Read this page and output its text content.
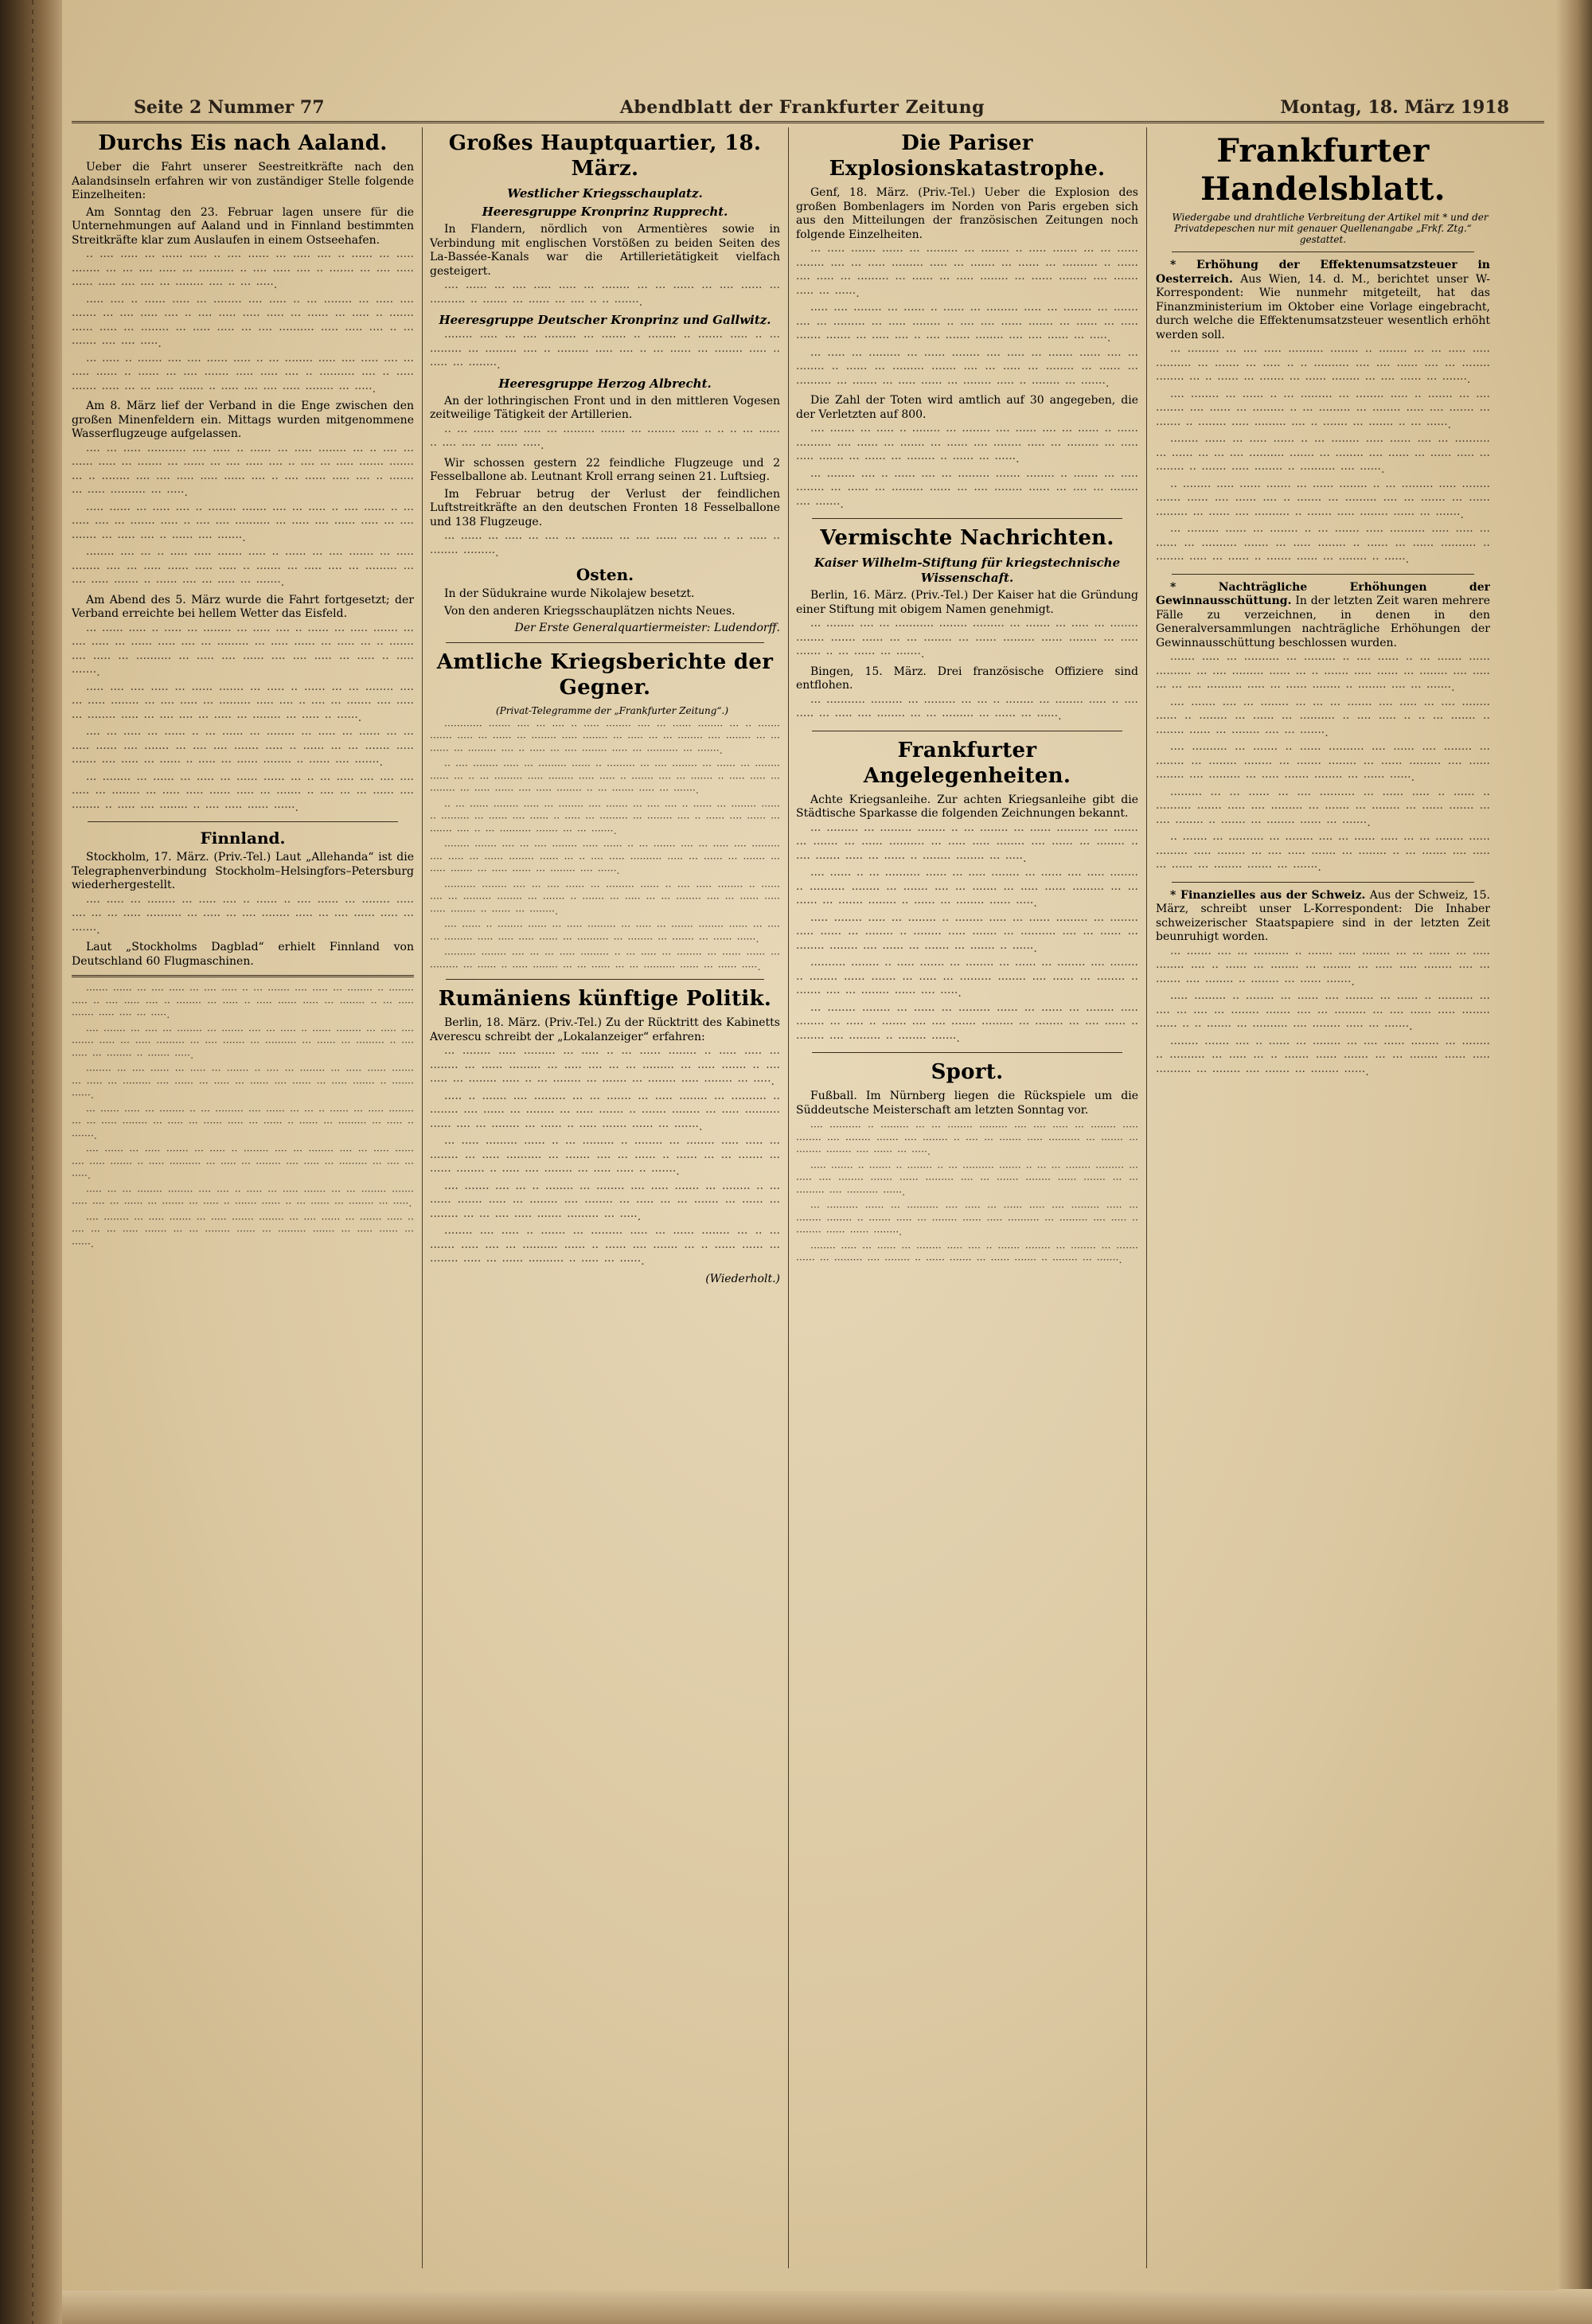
Seite 2 Nummer 77	Abendblatt der Frankfurter Zeitung	Montag, 18. März 1918
Durchs Eis nach Aaland.

Ueber die Fahrt unserer Seestreitkräfte nach den Aalandsinseln erfahren wir von zuständiger Stelle folgende Einzelheiten:

Am Sonntag den 23. Februar lagen unsere für die Unternehmungen auf Aaland und in Finnland bestimmten Streitkräfte klar zum Auslaufen in einem Ostseehafen.

·· ···· ····· ··· ······ ····· ·· ···· ······ ··· ····· ···· ·· ······ ··· ····· ········ ··· ··· ···· ····· ··· ·········· ·· ···· ····· ···· ·· ······· ··· ···· ····· ······ ····· ···· ···· ··· ········ ···· ·· ··· ·····.

····· ···· ·· ······ ····· ··· ········ ···· ····· ·· ··· ········ ··· ····· ···· ······· ··· ···· ····· ···· ·· ···· ····· ····· ····· ··· ······ ··· ····· ·· ······· ······ ····· ··· ········ ··· ····· ····· ··· ···· ·········· ····· ····· ···· ·· ··· ······· ···· ···· ·····.

··· ····· ·· ······· ···· ···· ······ ····· ·· ··· ········ ····· ···· ····· ···· ··· ····· ······ ·· ······ ··· ···· ······· ····· ····· ···· ·· ·········· ···· ·· ····· ······· ····· ··· ··· ····· ······· ·· ····· ···· ···· ····· ········ ··· ·····.

Am 8. März lief der Verband in die Enge zwischen den großen Minenfeldern ein. Mittags wurden mitgenommene Wasserflugzeuge aufgelassen.

···· ··· ····· ··········· ···· ····· ·· ······ ··· ····· ········ ··· ·· ···· ··· ······ ····· ··· ······· ··· ······ ··· ···· ····· ···· ·· ···· ··· ····· ······· ······· ··· ·· ········ ···· ···· ····· ····· ······ ···· ·· ···· ······ ····· ···· ·· ······· ··· ····· ·········· ··· ·····.

····· ······ ··· ····· ···· ·· ········ ······· ···· ··· ····· ·· ···· ······ ·· ··· ····· ···· ··· ······· ····· ·· ···· ···· ·········· ··· ····· ···· ······ ····· ··· ···· ······· ··· ····· ···· ·· ······ ···· ·······.

········ ···· ··· ·· ····· ····· ······· ····· ·· ······ ··· ···· ······· ··· ····· ········ ···· ··· ····· ······ ····· ····· ·· ······· ··· ····· ···· ··· ········· ··· ···· ····· ······· ·· ······ ···· ··· ····· ··· ·······.

Am Abend des 5. März wurde die Fahrt fortgesetzt; der Verband erreichte bei hellem Wetter das Eisfeld.

··· ······ ····· ·· ····· ··· ········ ··· ····· ···· ·· ······ ··· ····· ······· ··· ···· ····· ··· ······ ····· ···· ··· ········· ··· ····· ······ ··· ····· ··· ·· ······· ···· ····· ··· ·········· ··· ····· ···· ······ ···· ···· ····· ··· ····· ·· ····· ·······.

····· ···· ···· ····· ··· ······ ······· ··· ····· ·· ······ ··· ··· ········ ···· ··· ····· ········ ··· ···· ····· ··· ········· ····· ···· ·· ···· ··· ······· ···· ····· ··· ········ ····· ··· ···· ···· ··· ····· ··· ········ ··· ····· ·· ······.

···· ··· ····· ··· ······ ·· ··· ······ ··· ········ ··· ····· ··· ······ ··· ··· ····· ······ ···· ······· ··· ···· ···· ······· ····· ·· ······ ··· ··· ······· ····· ······· ···· ····· ··· ······ ·· ····· ··· ······ ········ ·· ······ ···· ·······.

··· ········ ··· ······ ··· ····· ··· ······ ······ ··· ·· ··· ····· ···· ···· ···· ····· ··· ········ ··· ····· ····· ······ ····· ··· ······· ·· ···· ··· ··· ······ ···· ········ ·· ····· ···· ········ ·· ···· ····· ······ ······.

Finnland.

Stockholm, 17. März. (Priv.-Tel.) Laut „Allehanda“ ist die Telegraphenverbindung Stockholm–Helsingfors–Petersburg wiederhergestellt.

···· ····· ··· ········ ··· ····· ···· ·· ······ ·· ···· ······ ··· ········ ····· ···· ··· ··· ····· ·········· ··· ····· ··· ···· ········ ····· ··· ···· ······ ····· ··· ·······.

Laut „Stockholms Dagblad“ erhielt Finnland von Deutschland 60 Flugmaschinen.

······· ······ ··· ···· ····· ··· ···· ····· ·· ··· ······· ···· ····· ··· ········ ·· ········ ····· ·· ···· ····· ···· ·· ········ ··· ····· ·· ····· ······ ····· ··· ········ ·· ··· ····· ······· ····· ···· ··· ·····.

···· ······· ··· ···· ··· ········ ··· ······· ···· ··· ····· ·· ······ ········ ··· ····· ···· ······· ····· ··· ····· ········· ··· ···· ······· ··· ·········· ··· ······ ··· ········· ·· ···· ····· ··· ········ ·· ······· ·····.

········ ··· ···· ······ ··· ····· ··· ······· ·· ···· ··· ········ ··· ····· ······ ······· ··· ····· ··· ········· ···· ······ ··· ····· ··· ······ ···· ······ ··· ····· ······· ·· ······· ······.

··· ······ ····· ··· ········ ·· ··· ········· ···· ······ ··· ··· ·· ······ ··· ····· ········ ··· ··· ····· ········ ··· ····· ··· ······ ····· ··· ······ ·· ······ ··· ········· ··· ····· ·· ·······.

···· ······ ··· ····· ······· ··· ····· ·· ········ ···· ··· ········ ···· ··· ····· ······ ···· ····· ······· ·· ····· ·········· ··· ····· ··· ········ ···· ····· ··· ········· ··· ···· ··· ·····.

····· ··· ··· ········ ········ ···· ···· ·· ····· ··· ····· ······· ··· ··· ········ ······· ····· ···· ··· ······ ··· ······· ··· ····· ·· ······· ······ ·· ··· ······ ··· ········ ··· ·····.

···· ········ ··· ····· ······· ··· ····· ······· ········ ··· ···· ······ ··· ······· ····· ·· ···· ··· ··· ····· ······· ··· ··· ········ ······ ··· ········· ······· ··· ····· ······ ··· ······.

Großes Hauptquartier, 18. März.
Westlicher Kriegsschauplatz.
Heeresgruppe Kronprinz Rupprecht.

In Flandern, nördlich von Armentières sowie in Verbindung mit englischen Vorstößen zu beiden Seiten des La-Bassée-Kanals war die Artillerietätigkeit vielfach gesteigert.

···· ······ ··· ···· ····· ····· ··· ········ ··· ··· ······ ··· ···· ······ ··· ·········· ·· ······· ··· ······ ··· ···· ·· ·· ·······.

Heeresgruppe Deutscher Kronprinz und Gallwitz.

········ ····· ··· ···· ········· ··· ······· ·· ········ ·· ······· ····· ·· ··· ········· ··· ········· ···· ·· ········· ····· ···· ·· ··· ······ ··· ········ ····· ·· ····· ··· ········.

Heeresgruppe Herzog Albrecht.

An der lothringischen Front und in den mittleren Vogesen zeitweilige Tätigkeit der Artillerien.

·· ··· ······ ····· ····· ··· ········· ······· ··· ········ ····· ·· ·· ·· ··· ······ ·· ···· ···· ··· ······ ·····.

Wir schossen gestern 22 feindliche Flugzeuge und 2 Fesselballone ab. Leutnant Kroll errang seinen 21. Luftsieg.

Im Februar betrug der Verlust der feindlichen Luftstreitkräfte an den deutschen Fronten 18 Fesselballone und 138 Flugzeuge.

··· ······ ··· ····· ··· ···· ··· ········· ··· ···· ······ ···· ···· ·· ·· ····· ·· ········ ·········.

Osten.

In der Südukraine wurde Nikolajew besetzt.

Von den anderen Kriegsschauplätzen nichts Neues.

Der Erste Generalquartiermeister: Ludendorff.

Amtliche Kriegsberichte der Gegner.

(Privat-Telegramme der „Frankfurter Zeitung“.)

············ ······· ···· ··· ···· ·· ····· ········ ···· ··· ······ ········ ··· ·· ······· ······· ····· ··· ······ ··· ········ ····· ········ ··· ····· ··· ··· ········ ···· ········ ··· ··· ······ ··· ········· ···· ·· ····· ··· ···· ········ ····· ··· ·········· ··· ·······.

·· ···· ········ ····· ··· ········· ······ ·· ········· ··· ···· ········ ··· ······ ··· ········ ······ ··· ·· ··· ········· ····· ········ ····· ····· ·· ······· ···· ··· ······· ·· ····· ····· ··· ········ ··· ····· ······ ···· ····· ········ ·· ··· ······· ····· ··· ·······.

·· ··· ······ ········ ····· ··· ········ ···· ······· ··· ···· ···· ·· ······ ··· ········ ······ ·· ········· ··· ······ ···· ······ ·· ····· ··· ········· ··· ········ ···· ·· ······ ···· ······ ··· ······· ···· ·· ··· ·········· ······· ··· ··· ·······.

········ ······· ···· ··· ···· ········ ····· ······ ·· ··· ······· ···· ··· ····· ···· ········· ···· ····· ··· ······ ········ ······ ··· ·· ···· ····· ·········· ····· ··· ······ ··· ······· ··· ····· ······· ··· ····· ······ ··· ········ ···· ······.

·········· ········ ···· ··· ···· ······ ··· ········· ······ ·· ···· ····· ········ ·· ······ ···· ··· ········· ········ ··· ······· ·· ······· ··· ····· ··· ··· ········ ···· ··· ······ ····· ····· ········ ·· ······ ··· ········.

···· ······ ·· ········ ······ ··· ····· ········· ··· ····· ··· ······· ········ ······ ··· ···· ··· ········· ····· ····· ····· ······ ··· ·········· ··· ········ ··· ······· ··· ······ ······.

·········· ········ ···· ··· ··· ····· ········· ·· ··· ····· ··· ········ ··· ······ ······ ··· ········· ··· ······ ·· ····· ········ ··· ··· ······ ··· ··· ·········· ······ ··· ······ ·····.

Rumäniens künftige Politik.

Berlin, 18. März. (Priv.-Tel.) Zu der Rücktritt des Kabinetts Averescu schreibt der „Lokalanzeiger“ erfahren:

··· ········ ····· ········· ··· ····· ·· ··· ······ ········ ·· ····· ····· ··· ········ ··· ······ ········· ··· ····· ···· ··· ··· ········· ··· ····· ······· ·· ···· ····· ··· ········ ····· ·· ··· ········ ··· ······· ··· ········ ····· ········ ··· ·····.

····· ·· ······· ···· ········· ··· ··· ······· ··· ····· ········ ··· ·········· ·· ········ ···· ······ ··· ········ ··· ····· ······· ·· ······· ········ ··· ····· ·········· ······ ···· ··· ········ ··· ······ ·· ····· ······· ······ ··· ·······.

··· ····· ········· ······ ·· ··· ········· ·· ········ ··· ········ ····· ····· ··· ········ ··· ····· ·········· ··· ······· ···· ··· ······ ·· ······ ··· ··· ······· ··· ······ ········ ·· ····· ···· ········ ··· ····· ····· ·· ·······.

···· ······· ···· ··· ·· ········ ··· ········ ···· ····· ······· ··· ········ ·· ··· ······ ······· ····· ··· ········ ···· ········ ··· ····· ··· ··· ······· ··· ······ ··· ········ ··· ··· ···· ····· ······· ········· ··· ·····.

········ ···· ····· ·· ······· ··· ········· ····· ··· ······ ········ ··· ·· ··· ······· ····· ···· ··· ·········· ······ ·· ······ ···· ······· ··· ·· ······ ······ ··· ········ ····· ··· ······ ·········· ·· ····· ··· ······.

(Wiederholt.)

Die Pariser Explosionskatastrophe.

Genf, 18. März. (Priv.-Tel.) Ueber die Explosion des großen Bombenlagers im Norden von Paris ergeben sich aus den Mitteilungen der französischen Zeitungen noch folgende Einzelheiten.

··· ····· ······· ······ ··· ········· ··· ········ ·· ····· ······· ··· ··· ······ ········ ···· ··· ····· ········· ····· ··· ······· ··· ······ ··· ·········· ·· ······ ···· ····· ··· ········· ··· ······ ··· ····· ········ ··· ······ ········ ···· ······· ····· ··· ······.

····· ···· ········ ··· ······ ·· ······ ··· ········· ····· ··· ········ ··· ······· ···· ··· ········· ··· ····· ········ ·· ···· ···· ······ ······· ··· ······ ··· ····· ······· ······· ··· ····· ···· ·· ···· ······· ········ ···· ···· ······ ··· ·····.

··· ····· ··· ········· ··· ······ ········ ···· ····· ··· ······· ······ ···· ··· ········ ·· ······ ··· ········· ······· ···· ··· ····· ··· ········ ··· ······ ··· ·········· ··· ······· ··· ····· ······ ··· ········ ····· ·· ········ ··· ·······.

Die Zahl der Toten wird amtlich auf 30 angegeben, die der Verletzten auf 800.

···· ······· ··· ····· ·· ········ ··· ········ ···· ······ ···· ··· ······ ·· ······ ·········· ···· ······ ··· ······· ··· ······ ···· ········ ····· ··· ········· ··· ····· ····· ······· ··· ······ ··· ········ ·· ······ ··· ······.

··· ········ ···· ·· ······ ···· ··· ········· ······· ········ ·· ······· ··· ····· ········ ··· ······ ··· ········· ······ ··· ···· ········ ······ ··· ···· ··· ········ ···· ·······.

Vermischte Nachrichten.
Kaiser Wilhelm-Stiftung für kriegstechnische Wissenschaft.

Berlin, 16. März. (Priv.-Tel.) Der Kaiser hat die Gründung einer Stiftung mit obigem Namen genehmigt.

··· ········ ···· ··· ··········· ········ ········· ··· ······· ··· ····· ··· ········ ········ ······· ······ ··· ··· ········ ··· ······ ········· ······ ········ ··· ····· ······· ·· ··· ······ ··· ·······.

Bingen, 15. März. Drei französische Offiziere sind entflohen.

··· ··········· ········· ··· ········· ··· ··· ·· ········ ··· ········ ····· ·· ···· ····· ··· ····· ···· ········ ··· ··· ········· ··· ······ ··· ······.

Frankfurter Angelegenheiten.

Achte Kriegsanleihe. Zur achten Kriegsanleihe gibt die Städtische Sparkasse die folgenden Zeichnungen bekannt.

··· ········· ··· ········· ········ ·· ··· ········ ··· ······ ········· ···· ······· ··· ······· ··· ······ ·········· ··· ····· ····· ········ ···· ······ ··· ········ ·· ···· ······· ····· ··· ······ ·· ········ ········ ··· ·····.

···· ······ ·· ··· ·········· ······ ··· ····· ········ ··· ······ ···· ····· ········ ·· ·········· ········ ··· ······· ···· ··· ······· ··· ····· ······ ········· ··· ··· ······ ··· ······· ········ ·· ······ ··· ········ ······ ·····.

····· ········ ····· ··· ········ ·· ········ ····· ··· ······ ········· ··· ········ ····· ······ ··· ········ ·· ········ ····· ······· ··· ·········· ···· ··· ······ ··· ········ ········ ···· ······ ··· ······· ··· ······· ·· ······.

·········· ········ ·· ····· ······· ··· ········ ··· ······ ··· ········ ···· ········ ·· ········ ······ ······· ··· ····· ··· ········· ········ ···· ······ ··· ········ ·· ······· ···· ··· ········ ······ ···· ·····.

··· ········ ········ ··· ······ ··· ········· ······ ··· ······ ··· ········ ····· ········ ··· ····· ·· ······· ···· ···· ······· ········· ··· ········ ··· ···· ······ ·· ········ ···· ········· ·· ········ ·······.

Sport.

Fußball. Im Nürnberg liegen die Rückspiele um die Süddeutsche Meisterschaft am letzten Sonntag vor.

···· ·········· ·· ········· ··· ··· ········ ········· ···· ···· ····· ··· ········ ····· ········ ···· ········ ······· ···· ········ ·· ···· ··· ······· ····· ·········· ··· ······· ··· ········ ········ ···· ······ ··· ·····.

····· ······· ·· ······· ·· ········ ·· ··· ·········· ······· ·· ··· ··· ········ ········· ··· ····· ···· ········ ······· ······ ········· ···· ··· ······· ········ ······ ······· ··· ··· ········· ···· ·········· ······.

··· ·········· ······ ··· ·········· ···· ····· ··· ······ ····· ···· ········· ····· ··· ········ ········ ·· ······· ····· ··· ········ ······ ····· ·········· ··· ········· ···· ····· ·· ········ ······ ······ ········.

········ ····· ··· ······ ··· ········ ····· ···· ·· ······· ········ ··· ········ ··· ······· ······ ··· ········· ···· ········ ·· ······ ······· ··· ······ ······· ·· ········ ··· ·······.

Frankfurter Handelsblatt.

Wiedergabe und drahtliche Verbreitung der Artikel mit * und der Privatdepeschen nur mit genauer Quellenangabe „Frkf. Ztg.“ gestattet.

* Erhöhung der Effektenumsatzsteuer in Oesterreich. Aus Wien, 14. d. M., berichtet unser W-Korrespondent: Wie nunmehr mitgeteilt, hat das Finanzministerium im Oktober eine Vorlage eingebracht, durch welche die Effektenumsatzsteuer wesentlich erhöht werden soll.

··· ········· ··· ···· ····· ·········· ········ ·· ········ ··· ··· ····· ····· ·········· ··· ······· ··· ····· ·· ·· ·········· ···· ···· ······ ···· ··· ········ ········ ··· ·· ······ ··· ······· ··· ······ ········ ··· ···· ······ ··· ·······.

···· ········ ··· ······ ·· ··· ········· ··· ········ ····· ·· ······· ··· ···· ········ ···· ······ ··· ········· ·· ··· ········· ··· ········ ····· ···· ······· ··· ······· ·· ········ ····· ········· ···· ·· ······· ··· ······· ·· ··· ······.

········ ······ ··· ····· ······ ·· ··· ········ ····· ······ ···· ··· ·········· ··· ······ ··· ··· ···· ·········· ······· ··· ········ ···· ······ ··· ······ ····· ··· ········ ·· ······· ····· ········ ·· ·········· ···· ······.

·· ········ ····· ······ ······· ··· ······ ········ ·· ··· ········· ····· ········ ······· ······ ···· ······ ···· ·· ······· ··· ········· ···· ··· ······· ··· ······ ········· ··· ······ ···· ·········· ·· ······· ····· ········ ······ ··· ·······.

··· ········· ······ ··· ········ ·· ··· ······· ····· ·········· ····· ····· ··· ······ ··· ·········· ······· ··· ····· ········ ·· ······ ··· ······ ·········· ·· ········ ····· ··· ······ ·· ······· ······ ··· ········ ·· ······.

* Nachträgliche Erhöhungen der Gewinnausschüttung. In der letzten Zeit waren mehrere Fälle zu verzeichnen, in denen in den Generalversammlungen nachträgliche Erhöhungen der Gewinnausschüttung beschlossen wurden.

······· ····· ··· ·········· ··· ········· ·· ···· ······ ·· ··· ······· ······ ·········· ··· ···· ········· ······ ··· ·· ······· ····· ······ ··· ········ ···· ····· ··· ··· ···· ·········· ····· ··· ······ ········ ·· ········ ···· ··· ·······.

···· ······· ···· ··· ········ ··· ··· ··· ······· ···· ····· ··· ···· ········ ······ ·· ········ ··· ······ ··· ·········· ·· ···· ····· ·· ·· ··· ······· ·· ········ ······ ··· ········ ···· ··· ·······.

···· ·········· ··· ······· ·· ······ ·········· ···· ······ ···· ········ ··· ········ ··· ········ ········ ··· ······· ········ ··· ······ ········· ···· ······ ········ ···· ········· ··· ····· ······· ········ ··· ······ ······.

········· ··· ··· ······ ··· ···· ·········· ··· ······ ····· ·· ······ ·· ·········· ······· ····· ···· ········· ··· ······· ··· ········ ··· ······ ······· ··· ···· ········ ·· ······· ··· ········ ······ ··· ·······.

·· ······· ··· ·········· ··· ········ ···· ··· ······ ····· ··· ··· ········ ······ ········· ····· ········ ··· ···· ····· ······· ··· ········ ·· ··· ······· ···· ····· ··· ······ ··· ········ ······· ··· ·······.

* Finanzielles aus der Schweiz. Aus der Schweiz, 15. März, schreibt unser L-Korrespondent: Die Inhaber schweizerischer Staatspapiere sind in der letzten Zeit beunruhigt worden.

··· ······· ···· ··· ·········· ·· ······· ····· ········ ··· ··· ······ ··· ····· ········ ···· ·· ······ ··· ········ ··· ········ ··· ····· ····· ········ ···· ··· ······· ···· ········ ·· ········ ··· ······ ·······.

····· ········· ·· ········ ··· ······ ···· ········ ··· ······ ·· ·········· ··· ···· ··· ···· ··· ········ ······· ···· ··· ········· ··· ···· ······ ····· ········ ······ ·· ·· ······· ··· ·········· ···· ········ ····· ··· ·······.

········ ······· ···· ·· ······ ··· ········ ··· ···· ······ ········ ··· ········ ·· ·········· ··· ····· ··· ·· ······· ······ ······· ··· ··· ········ ······ ····· ·········· ··· ········ ···· ······· ··· ········ ······.
